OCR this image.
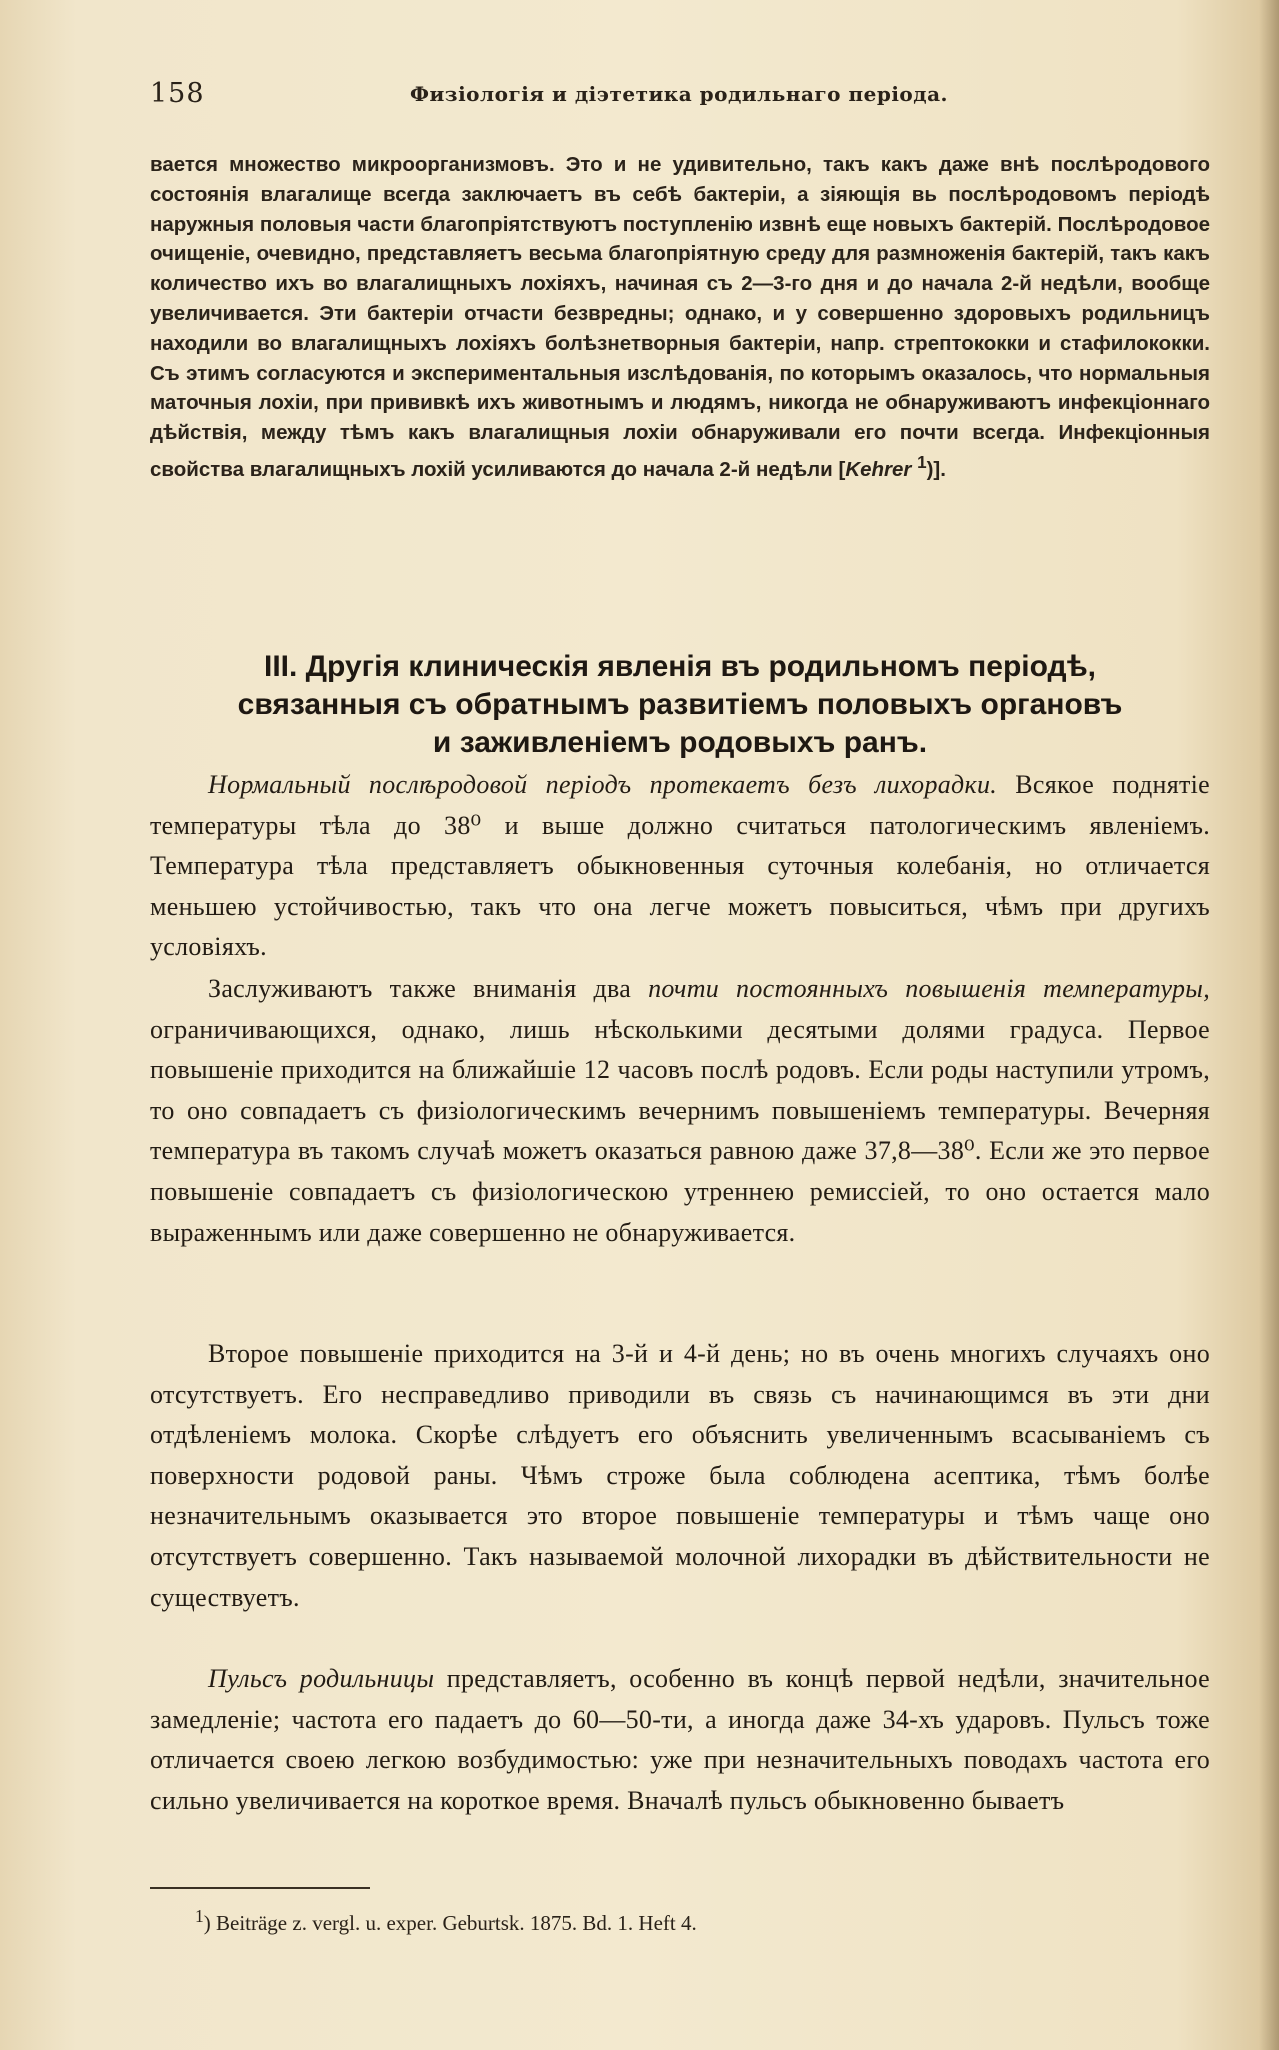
158	Физіологія и діэтетика родильнаго періода.

вается множество микроорганизмовъ. Это и не удивительно, такъ какъ даже внѣ послѣродового состоянія влагалище всегда заключаетъ въ себѣ бактеріи, а зіяющія вь послѣродовомъ періодѣ наружныя половыя части благопріятствуютъ поступленію извнѣ еще новыхъ бактерій. Послѣродовое очищеніе, очевидно, представляетъ весьма благопріятную среду для размноженія бактерій, такъ какъ количество ихъ во влагалищныхъ лохіяхъ, начиная съ 2—3-го дня и до начала 2-й недѣли, вообще увеличивается. Эти бактеріи отчасти безвредны; однако, и у совершенно здоровыхъ родильницъ находили во влагалищныхъ лохіяхъ болѣзнетворныя бактеріи, напр. стрептококки и стафилококки. Съ этимъ согласуются и экспериментальныя изслѣдованія, по которымъ оказалось, что нормальныя маточныя лохіи, при прививкѣ ихъ животнымъ и людямъ, никогда не обнаруживаютъ инфекціоннаго дѣйствія, между тѣмъ какъ влагалищныя лохіи обнаруживали его почти всегда. Инфекціонныя свойства влагалищныхъ лохій усиливаются до начала 2-й недѣли [Kehrer $^1$)].

III. Другія клиническія явленія въ родильномъ періодѣ,
связанныя съ обратнымъ развитіемъ половыхъ органовъ
и заживленіемъ родовыхъ ранъ.

Нормальный послѣродовой періодъ протекаетъ безъ лихорадки. Всякое поднятіе температуры тѣла до 38⁰ и выше должно считаться патологическимъ явленіемъ. Температура тѣла представляетъ обыкновенныя суточныя колебанія, но отличается меньшею устойчивостью, такъ что она легче можетъ повыситься, чѣмъ при другихъ условіяхъ.

Заслуживаютъ также вниманія два почти постоянныхъ повышенія температуры, ограничивающихся, однако, лишь нѣсколькими десятыми долями градуса. Первое повышеніе приходится на ближайшіе 12 часовъ послѣ родовъ. Если роды наступили утромъ, то оно совпадаетъ съ физіологическимъ вечернимъ повышеніемъ температуры. Вечерняя температура въ такомъ случаѣ можетъ оказаться равною даже 37,8—38⁰. Если же это первое повышеніе совпадаетъ съ физіологическою утреннею ремиссіей, то оно остается мало выраженнымъ или даже совершенно не обнаруживается.

Второе повышеніе приходится на 3-й и 4-й день; но въ очень многихъ случаяхъ оно отсутствуетъ. Его несправедливо приводили въ связь съ начинающимся въ эти дни отдѣленіемъ молока. Скорѣе слѣдуетъ его объяснить увеличеннымъ всасываніемъ съ поверхности родовой раны. Чѣмъ строже была соблюдена асептика, тѣмъ болѣе незначительнымъ оказывается это второе повышеніе температуры и тѣмъ чаще оно отсутствуетъ совершенно. Такъ называемой молочной лихорадки въ дѣйствительности не существуетъ.

Пульсъ родильницы представляетъ, особенно въ концѣ первой недѣли, значительное замедленіе; частота его падаетъ до 60—50-ти, а иногда даже 34-хъ ударовъ. Пульсъ тоже отличается своею легкою возбудимостью: уже при незначительныхъ поводахъ частота его сильно увеличивается на короткое время. Вначалѣ пульсъ обыкновенно бываетъ

$^1$) Beiträge z. vergl. u. exper. Geburtsk. 1875. Bd. 1. Heft 4.
